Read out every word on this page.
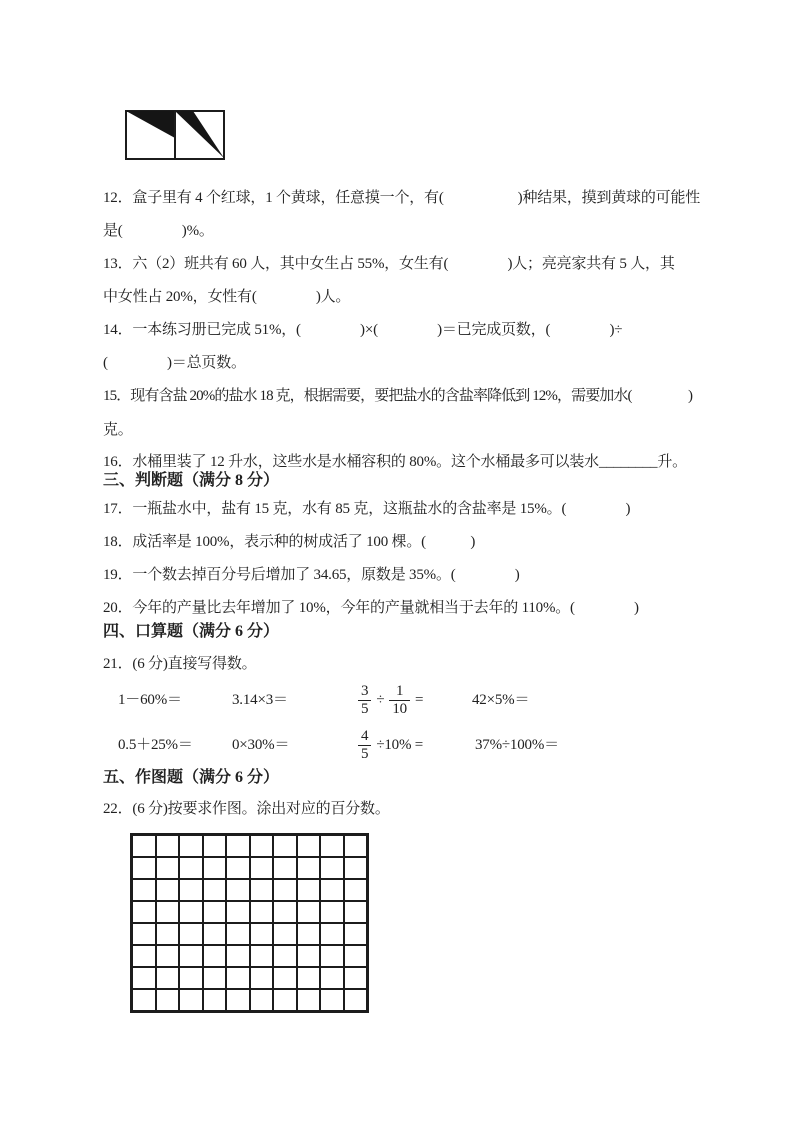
12．盒子里有 4 个红球，1 个黄球，任意摸一个，有(　　　　　)种结果，摸到黄球的可能性
是(　　　　)%。
13．六（2）班共有 60 人，其中女生占 55%，女生有(　　　　)人；亮亮家共有 5 人，其
中女性占 20%，女性有(　　　　)人。
14．一本练习册已完成 51%，(　　　　)×(　　　　)＝已完成页数，(　　　　)÷
(　　　　)＝总页数。
15．现有含盐 20%的盐水 18 克，根据需要，要把盐水的含盐率降低到 12%，需要加水(　　　　)
克。
16．水桶里装了 12 升水，这些水是水桶容积的 80%。这个水桶最多可以装水________升。
三、判断题（满分 8 分）
17．一瓶盐水中，盐有 15 克，水有 85 克，这瓶盐水的含盐率是 15%。(　　　　)
18．成活率是 100%，表示种的树成活了 100 棵。(　　　)
19．一个数去掉百分号后增加了 34.65，原数是 35%。(　　　　)
20．今年的产量比去年增加了 10%，今年的产量就相当于去年的 110%。(　　　　)
四、口算题（满分 6 分）
21．(6 分)直接写得数。
1－60%＝	3.14×3＝	$\frac{3}{5} \div \frac{1}{10}$ =	42×5%＝
0.5＋25%＝	0×30%＝	$\frac{4}{5} \div 10\%$ =	37%÷100%＝
五、作图题（满分 6 分）
22．(6 分)按要求作图。涂出对应的百分数。
